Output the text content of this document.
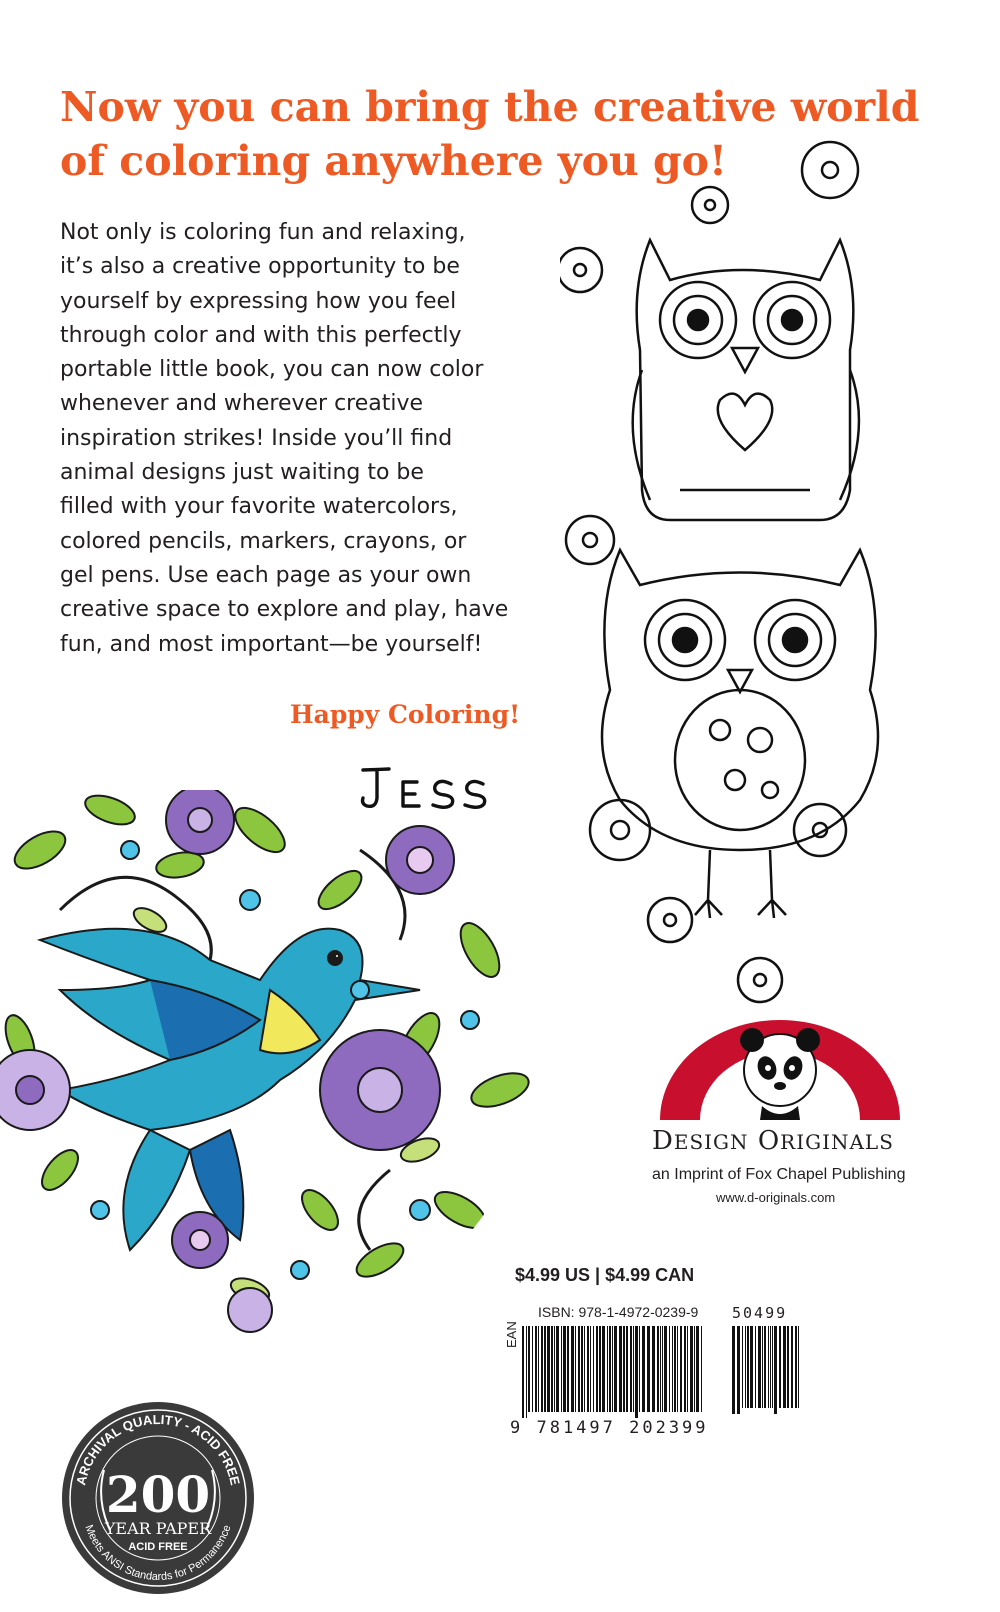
Now you can bring the creative world
of coloring anywhere you go!

Not only is coloring fun and relaxing,
it’s also a creative opportunity to be
yourself by expressing how you feel
through color and with this perfectly
portable little book, you can now color
whenever and wherever creative
inspiration strikes! Inside you’ll find
animal designs just waiting to be
filled with your favorite watercolors,
colored pencils, markers, crayons, or
gel pens. Use each page as your own
creative space to explore and play, have
fun, and most important—be yourself!

Happy Coloring!
DESIGN ORIGINALS
an Imprint of Fox Chapel Publishing
www.d-originals.com
$4.99 US | $4.99 CAN
ISBN: 978-1-4972-0239-9
EAN
9 781497 202399
50499
ARCHIVAL QUALITY - ACID FREE
200
YEAR PAPER
ACID FREE
Meets ANSI Standards for Permanence
